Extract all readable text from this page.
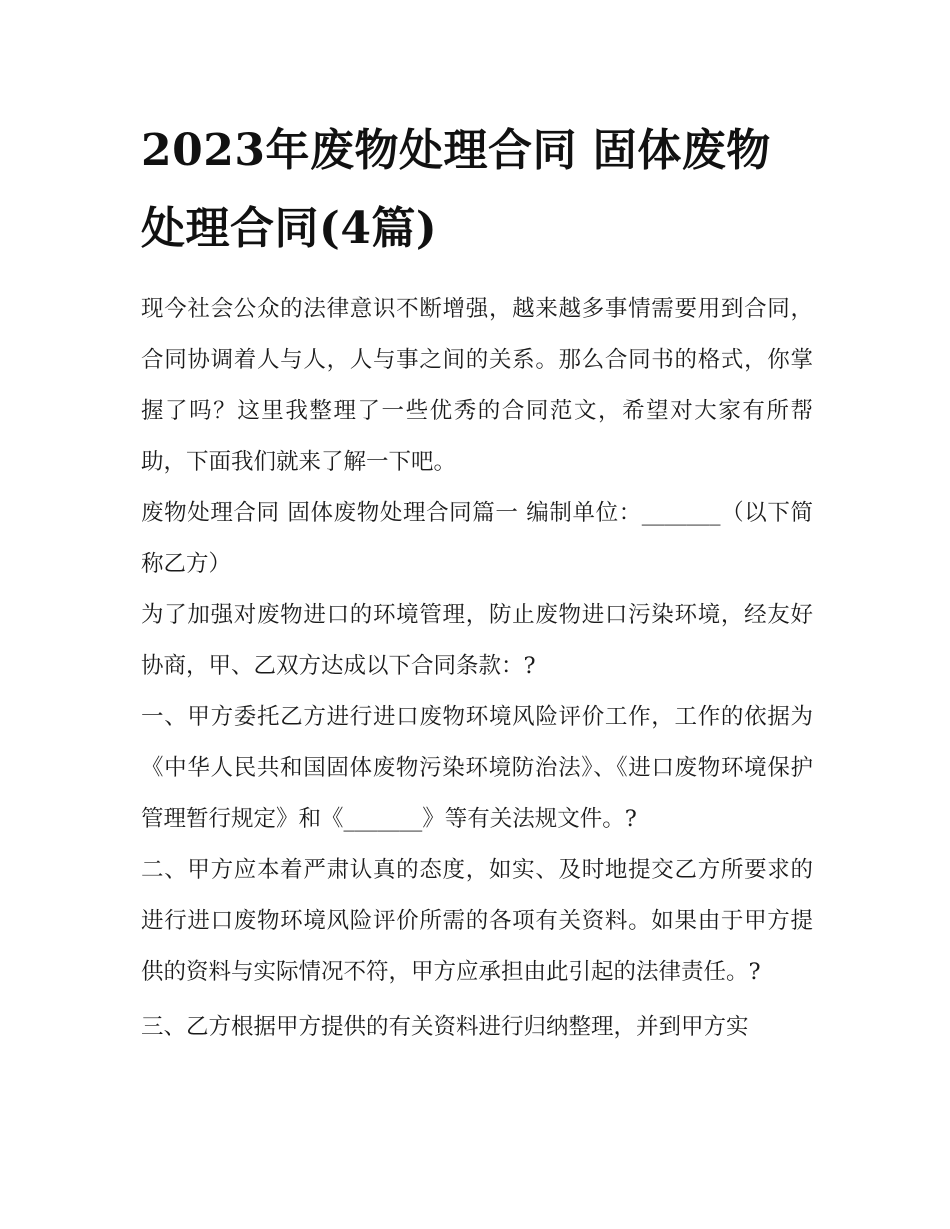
2023年废物处理合同 固体废物处理合同(4篇)

现今社会公众的法律意识不断增强，越来越多事情需要用到合同，合同协调着人与人，人与事之间的关系。那么合同书的格式，你掌握了吗？这里我整理了一些优秀的合同范文，希望对大家有所帮助，下面我们就来了解一下吧。

废物处理合同 固体废物处理合同篇一 编制单位：_______（以下简称乙方）

为了加强对废物进口的环境管理，防止废物进口污染环境，经友好协商，甲、乙双方达成以下合同条款：?

一、甲方委托乙方进行进口废物环境风险评价工作，工作的依据为《中华人民共和国固体废物污染环境防治法》、《进口废物环境保护管理暂行规定》和《_______》等有关法规文件。?

二、甲方应本着严肃认真的态度，如实、及时地提交乙方所要求的进行进口废物环境风险评价所需的各项有关资料。如果由于甲方提供的资料与实际情况不符，甲方应承担由此引起的法律责任。?

三、乙方根据甲方提供的有关资料进行归纳整理，并到甲方实
